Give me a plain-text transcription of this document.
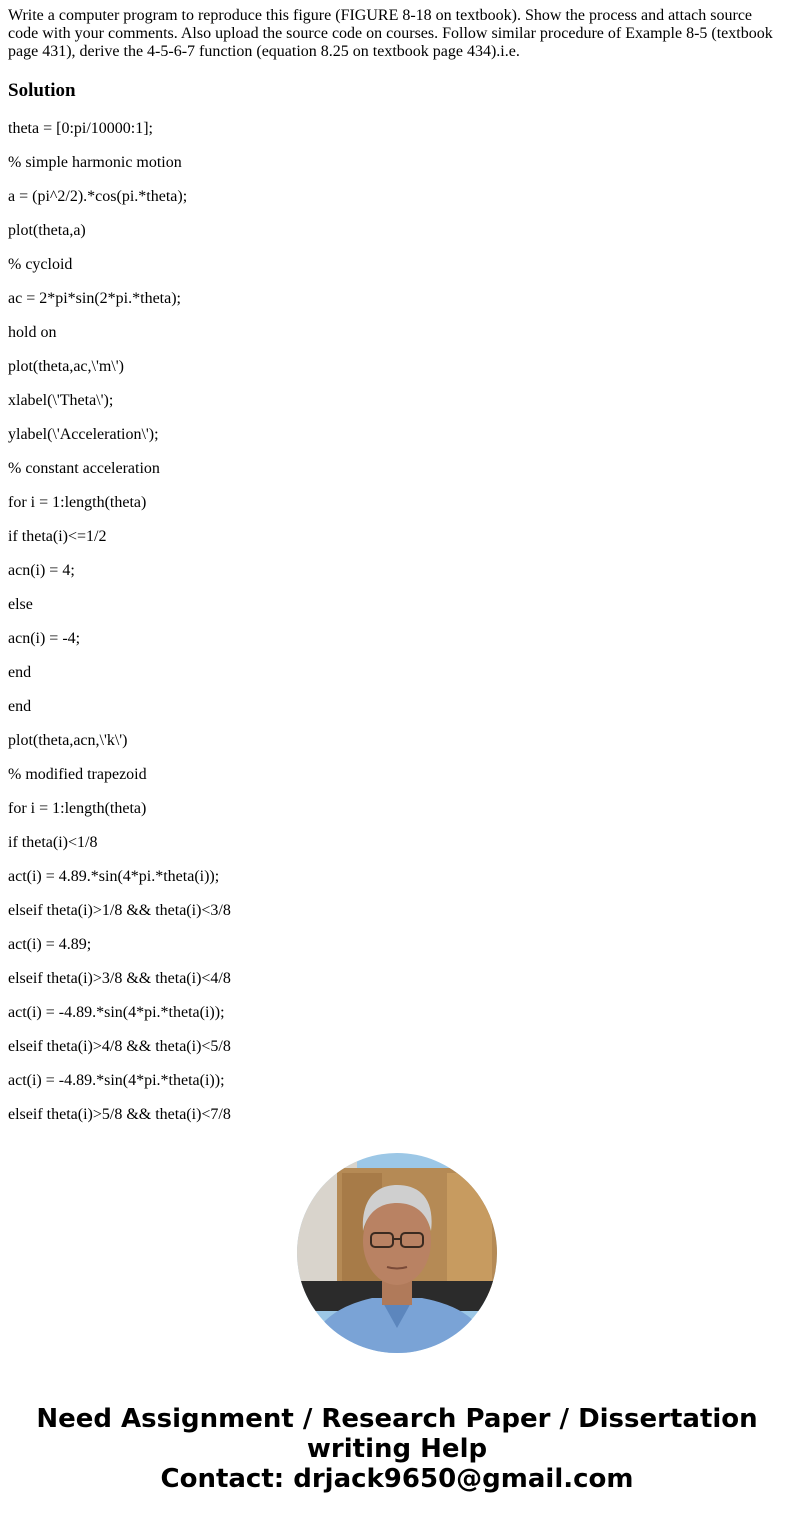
Write a computer program to reproduce this figure (FIGURE 8-18 on textbook). Show the process and attach source code with your comments. Also upload the source code on courses. Follow similar procedure of Example 8-5 (textbook page 431), derive the 4-5-6-7 function (equation 8.25 on textbook page 434).i.e.

Solution
theta = [0:pi/10000:1];
% simple harmonic motion
a = (pi^2/2).*cos(pi.*theta);
plot(theta,a)
% cycloid
ac = 2*pi*sin(2*pi.*theta);
hold on
plot(theta,ac,\'m\')
xlabel(\'Theta\');
ylabel(\'Acceleration\');
% constant acceleration
for i = 1:length(theta)
if theta(i)<=1/2
acn(i) = 4;
else
acn(i) = -4;
end
end
plot(theta,acn,\'k\')
% modified trapezoid
for i = 1:length(theta)
if theta(i)<1/8
act(i) = 4.89.*sin(4*pi.*theta(i));
elseif theta(i)>1/8 && theta(i)<3/8
act(i) = 4.89;
elseif theta(i)>3/8 && theta(i)<4/8
act(i) = -4.89.*sin(4*pi.*theta(i));
elseif theta(i)>4/8 && theta(i)<5/8
act(i) = -4.89.*sin(4*pi.*theta(i));
elseif theta(i)>5/8 && theta(i)<7/8

Need Assignment / Research Paper / Dissertation
writing Help
Contact: drjack9650@gmail.com
